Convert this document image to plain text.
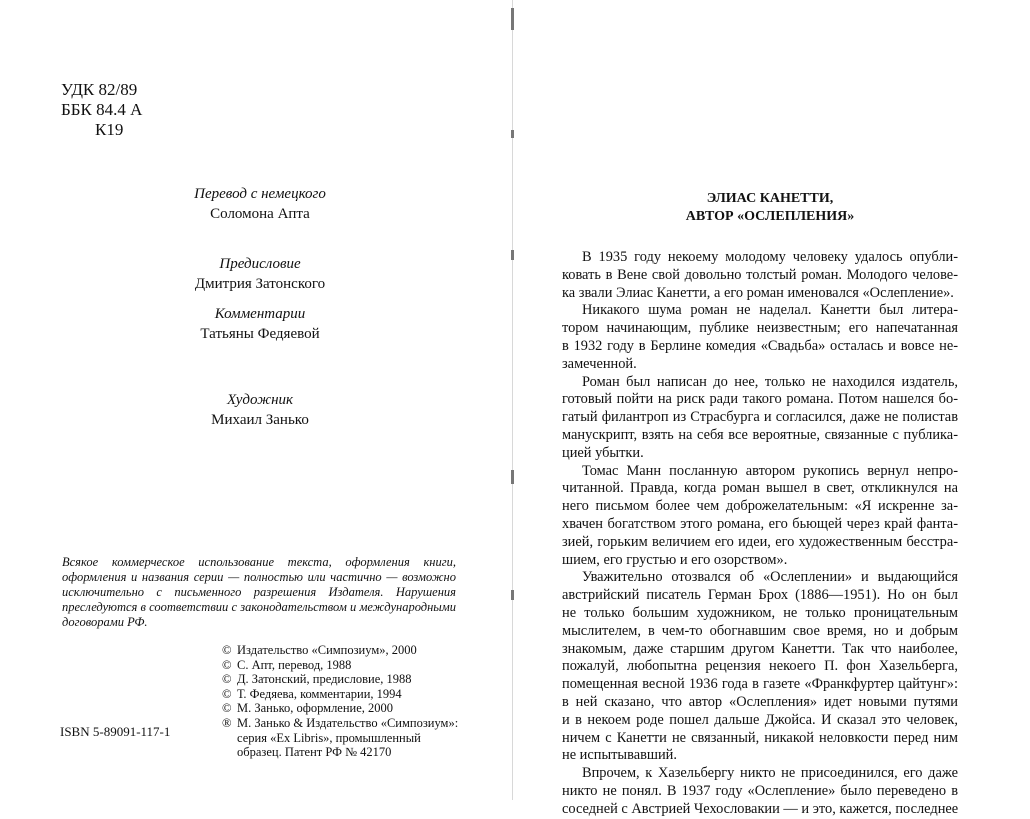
УДК 82/89
ББК 84.4 А
К19
Перевод с немецкого
Соломона Апта
Предисловие
Дмитрия Затонского
Комментарии
Татьяны Федяевой
Художник
Михаил Занько
Всякое коммерческое использование текста, оформления книги,
оформления и названия серии — полностью или частично — возможно
исключительно с письменного разрешения Издателя. Нарушения
преследуются в соответствии с законодательством и международными
договорами РФ.
© Издательство «Симпозиум», 2000
© С. Апт, перевод, 1988
© Д. Затонский, предисловие, 1988
© Т. Федяева, комментарии, 1994
© М. Занько, оформление, 2000
® М. Занько & Издательство «Симпозиум»:
серия «Ex Libris», промышленный
образец. Патент РФ № 42170
ISBN 5-89091-117-1
ЭЛИАС КАНЕТТИ,
АВТОР «ОСЛЕПЛЕНИЯ»
В 1935 году некоему молодому человеку удалось опубли-
ковать в Вене свой довольно толстый роман. Молодого челове-
ка звали Элиас Канетти, а его роман именовался «Ослепление».
Никакого шума роман не наделал. Канетти был литера-
тором начинающим, публике неизвестным; его напечатанная
в 1932 году в Берлине комедия «Свадьба» осталась и вовсе не-
замеченной.
Роман был написан до нее, только не находился издатель,
готовый пойти на риск ради такого романа. Потом нашелся бо-
гатый филантроп из Страсбурга и согласился, даже не полистав
манускрипт, взять на себя все вероятные, связанные с публика-
цией убытки.
Томас Манн посланную автором рукопись вернул непро-
читанной. Правда, когда роман вышел в свет, откликнулся на
него письмом более чем доброжелательным: «Я искренне за-
хвачен богатством этого романа, его бьющей через край фанта-
зией, горьким величием его идеи, его художественным бесстра-
шием, его грустью и его озорством».
Уважительно отозвался об «Ослеплении» и выдающийся
австрийский писатель Герман Брох (1886—1951). Но он был
не только большим художником, не только проницательным
мыслителем, в чем-то обогнавшим свое время, но и добрым
знакомым, даже старшим другом Канетти. Так что наиболее,
пожалуй, любопытна рецензия некоего П. фон Хазельберга,
помещенная весной 1936 года в газете «Франкфуртер цайтунг»:
в ней сказано, что автор «Ослепления» идет новыми путями
и в некоем роде пошел дальше Джойса. И сказал это человек,
ничем с Канетти не связанный, никакой неловкости перед ним
не испытывавший.
Впрочем, к Хазельбергу никто не присоединился, его даже
никто не понял. В 1937 году «Ослепление» было переведено в
соседней с Австрией Чехословакии — и это, кажется, последнее
